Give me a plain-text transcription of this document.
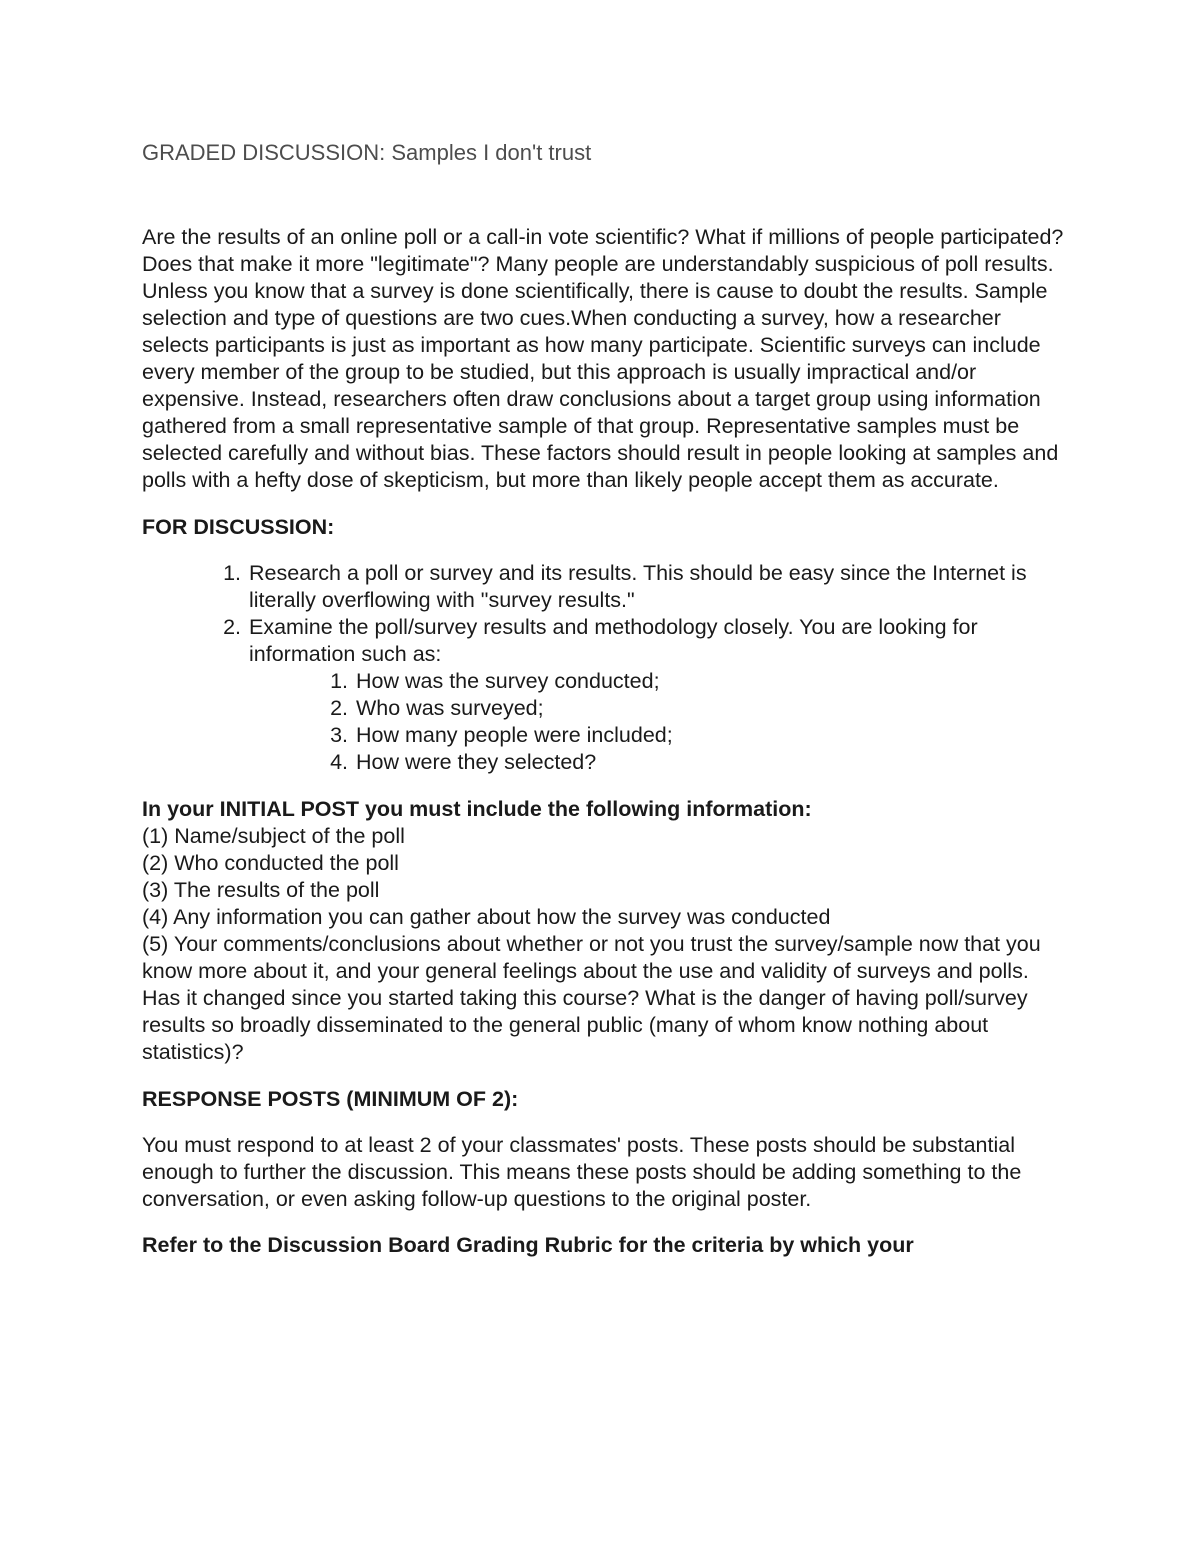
GRADED DISCUSSION: Samples I don't trust

Are the results of an online poll or a call-in vote scientific? What if millions of people participated? Does that make it more "legitimate"? Many people are understandably suspicious of poll results. Unless you know that a survey is done scientifically, there is cause to doubt the results. Sample selection and type of questions are two cues.When conducting a survey, how a researcher selects participants is just as important as how many participate. Scientific surveys can include every member of the group to be studied, but this approach is usually impractical and/or expensive. Instead, researchers often draw conclusions about a target group using information gathered from a small representative sample of that group. Representative samples must be selected carefully and without bias. These factors should result in people looking at samples and polls with a hefty dose of skepticism, but more than likely people accept them as accurate.

FOR DISCUSSION:

1. Research a poll or survey and its results. This should be easy since the Internet is literally overflowing with "survey results."
2. Examine the poll/survey results and methodology closely. You are looking for information such as:
1. How was the survey conducted;
2. Who was surveyed;
3. How many people were included;
4. How were they selected?

In your INITIAL POST you must include the following information:

(1) Name/subject of the poll

(2) Who conducted the poll

(3) The results of the poll

(4) Any information you can gather about how the survey was conducted

(5) Your comments/conclusions about whether or not you trust the survey/sample now that you know more about it, and your general feelings about the use and validity of surveys and polls. Has it changed since you started taking this course? What is the danger of having poll/survey results so broadly disseminated to the general public (many of whom know nothing about statistics)?

RESPONSE POSTS (MINIMUM OF 2):

You must respond to at least 2 of your classmates' posts. These posts should be substantial enough to further the discussion. This means these posts should be adding something to the conversation, or even asking follow-up questions to the original poster.

Refer to the Discussion Board Grading Rubric for the criteria by which your
